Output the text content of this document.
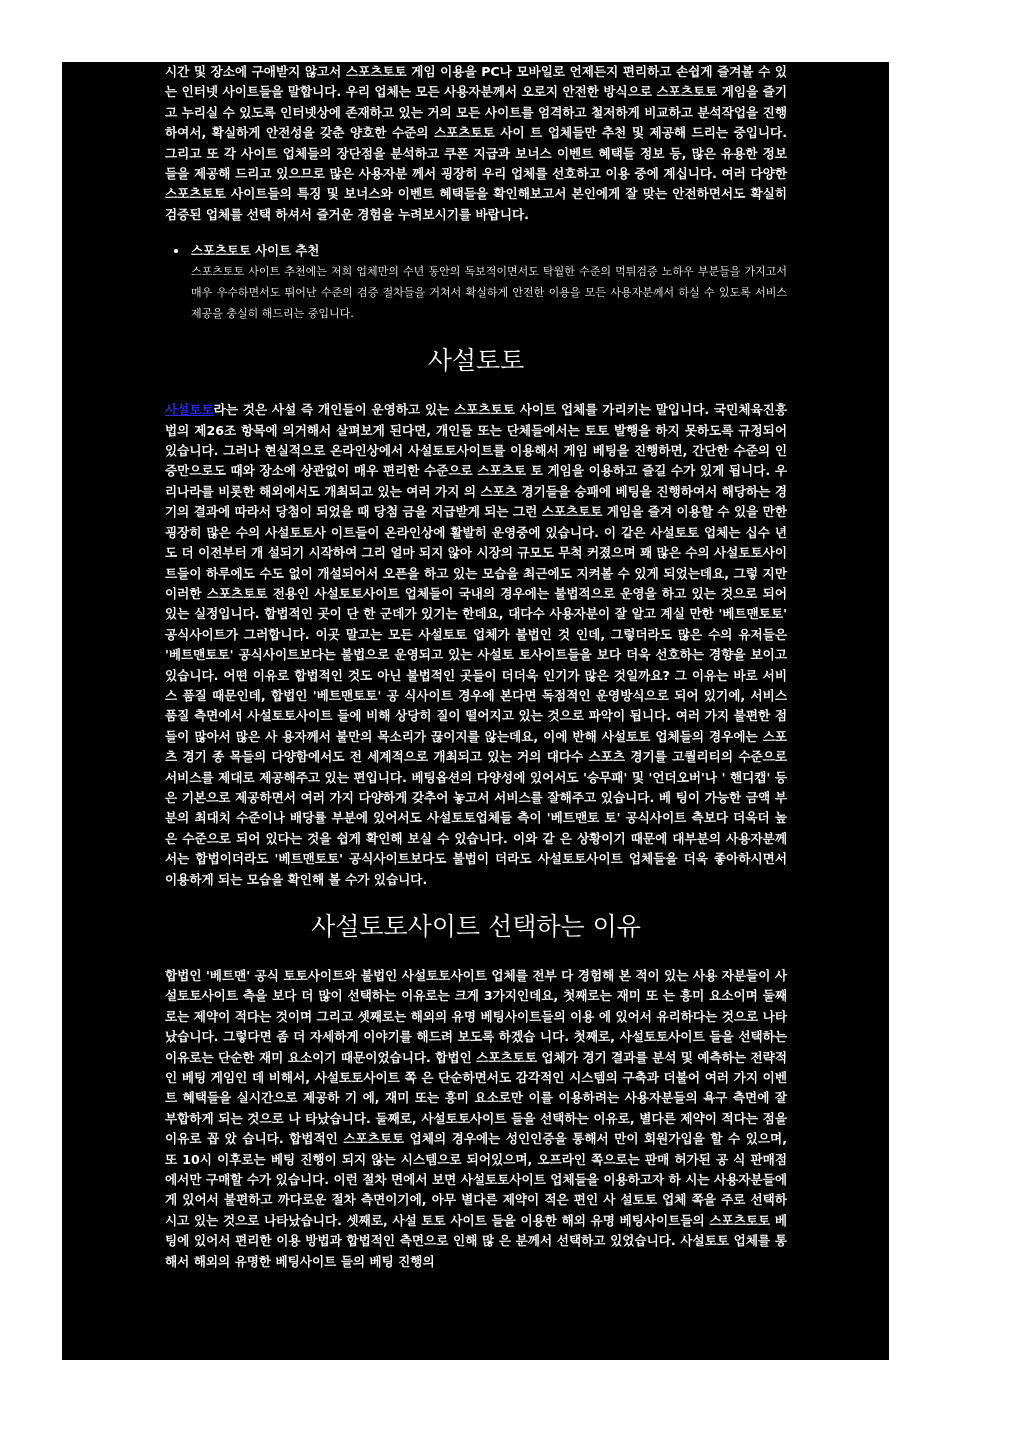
시간 및 장소에 구애받지 않고서 스포츠토토 게임 이용을 PC나 모바일로 언제든지 편리하고 손쉽게 즐겨볼 수 있는 인터넷 사이트들을 말합니다. 우리 업체는 모든 사용자분께서 오로지 안전한 방식으로 스포츠토토 게임을 즐기고 누리실 수 있도록 인터넷상에 존재하고 있는 거의 모든 사이트를 엄격하고 철저하게 비교하고 분석작업을 진행하여서, 확실하게 안전성을 갖춘 양호한 수준의 스포츠토토 사이 트 업체들만 추천 및 제공해 드리는 중입니다. 그리고 또 각 사이트 업체들의 장단점을 분석하고 쿠폰 지급과 보너스 이벤트 혜택들 정보 등, 많은 유용한 정보들을 제공해 드리고 있으므로 많은 사용자분 께서 굉장히 우리 업체를 선호하고 이용 중에 계십니다. 여러 다양한 스포츠토토 사이트들의 특징 및 보너스와 이벤트 혜택들을 확인해보고서 본인에게 잘 맞는 안전하면서도 확실히 검증된 업체를 선택 하셔서 즐거운 경험을 누려보시기를 바랍니다.

스포츠토토 사이트 추천
스포츠토토 사이트 추천에는 저희 업체만의 수년 동안의 독보적이면서도 탁월한 수준의 먹튀검증 노하우 부분들을 가지고서 매우 우수하면서도 뛰어난 수준의 검증 절차들을 거쳐서 확실하게 안전한 이용을 모든 사용자분께서 하실 수 있도록 서비스 제공을 충실히 해드리는 중입니다.
사설토토

사설토토라는 것은 사설 즉 개인들이 운영하고 있는 스포츠토토 사이트 업체를 가리키는 말입니다. 국민체육진흥법의 제26조 항목에 의거해서 살펴보게 된다면, 개인들 또는 단체들에서는 토토 발행을 하지 못하도록 규정되어 있습니다. 그러나 현실적으로 온라인상에서 사설토토사이트를 이용해서 게임 베팅을 진행하면, 간단한 수준의 인증만으로도 때와 장소에 상관없이 매우 편리한 수준으로 스포츠토 토 게임을 이용하고 즐길 수가 있게 됩니다. 우리나라를 비롯한 해외에서도 개최되고 있는 여러 가지 의 스포츠 경기들을 승패에 베팅을 진행하여서 해당하는 경기의 결과에 따라서 당첨이 되었을 때 당첨 금을 지급받게 되는 그런 스포츠토토 게임을 즐겨 이용할 수 있을 만한 굉장히 많은 수의 사설토토사 이트들이 온라인상에 활발히 운영중에 있습니다. 이 같은 사설토토 업체는 십수 년도 더 이전부터 개 설되기 시작하여 그리 얼마 되지 않아 시장의 규모도 무척 커졌으며 꽤 많은 수의 사설토토사이트들이 하루에도 수도 없이 개설되어서 오픈을 하고 있는 모습을 최근에도 지켜볼 수 있게 되었는데요, 그렇 지만 이러한 스포츠토토 전용인 사설토토사이트 업체들이 국내의 경우에는 불법적으로 운영을 하고 있는 것으로 되어있는 실정입니다. 합법적인 곳이 단 한 군데가 있기는 한데요, 대다수 사용자분이 잘 알고 계실 만한 '베트맨토토' 공식사이트가 그러합니다. 이곳 말고는 모든 사설토토 업체가 불법인 것 인데, 그렇더라도 많은 수의 유저들은 '베트맨토토' 공식사이트보다는 불법으로 운영되고 있는 사설토 토사이트들을 보다 더욱 선호하는 경향을 보이고 있습니다. 어떤 이유로 합법적인 것도 아닌 불법적인 곳들이 더더욱 인기가 많은 것일까요? 그 이유는 바로 서비스 품질 때문인데, 합법인 '베트맨토토' 공 식사이트 경우에 본다면 독점적인 운영방식으로 되어 있기에, 서비스 품질 측면에서 사설토토사이트 들에 비해 상당히 질이 떨어지고 있는 것으로 파악이 됩니다. 여러 가지 불편한 점들이 많아서 많은 사 용자께서 불만의 목소리가 끊이지를 않는데요, 이에 반해 사설토토 업체들의 경우에는 스포츠 경기 종 목들의 다양함에서도 전 세계적으로 개최되고 있는 거의 대다수 스포츠 경기를 고퀄리티의 수준으로 서비스를 제대로 제공해주고 있는 편입니다. 베팅옵션의 다양성에 있어서도 '승무패' 및 '언더오버'나 ' 핸디캡' 등은 기본으로 제공하면서 여러 가지 다양하게 갖추어 놓고서 서비스를 잘해주고 있습니다. 베 팅이 가능한 금액 부분의 최대치 수준이나 배당률 부분에 있어서도 사설토토업체들 측이 '베트맨토 토' 공식사이트 측보다 더욱더 높은 수준으로 되어 있다는 것을 쉽게 확인해 보실 수 있습니다. 이와 같 은 상황이기 때문에 대부분의 사용자분께서는 합법이더라도 '베트맨토토' 공식사이트보다도 불법이 더라도 사설토토사이트 업체들을 더욱 좋아하시면서 이용하게 되는 모습을 확인해 볼 수가 있습니다.

사설토토사이트 선택하는 이유

합법인 '베트맨' 공식 토토사이트와 불법인 사설토토사이트 업체를 전부 다 경험해 본 적이 있는 사용 자분들이 사설토토사이트 측을 보다 더 많이 선택하는 이유로는 크게 3가지인데요, 첫째로는 재미 또 는 흥미 요소이며 둘째로는 제약이 적다는 것이며 그리고 셋째로는 해외의 유명 베팅사이트들의 이용 에 있어서 유리하다는 것으로 나타났습니다. 그렇다면 좀 더 자세하게 이야기를 해드려 보도록 하겠습 니다. 첫째로, 사설토토사이트 들을 선택하는 이유로는 단순한 재미 요소이기 때문이었습니다. 합법인 스포츠토토 업체가 경기 결과를 분석 및 예측하는 전략적인 베팅 게임인 데 비해서, 사설토토사이트 쪽 은 단순하면서도 감각적인 시스템의 구축과 더불어 여러 가지 이벤트 혜택들을 실시간으로 제공하 기 에, 재미 또는 흥미 요소로만 이를 이용하려는 사용자분들의 욕구 측면에 잘 부합하게 되는 것으로 나 타났습니다. 둘째로, 사설토토사이트 들을 선택하는 이유로, 별다른 제약이 적다는 점을 이유로 꼽 았 습니다. 합법적인 스포츠토토 업체의 경우에는 성인인증을 통해서 만이 회원가입을 할 수 있으며, 또 10시 이후로는 베팅 진행이 되지 않는 시스템으로 되어있으며, 오프라인 쪽으로는 판매 허가된 공 식 판매점에서만 구매할 수가 있습니다. 이런 절차 면에서 보면 사설토토사이트 업체들을 이용하고자 하 시는 사용자분들에게 있어서 불편하고 까다로운 절차 측면이기에, 아무 별다른 제약이 적은 편인 사 설토토 업체 쪽을 주로 선택하시고 있는 것으로 나타났습니다. 셋째로, 사설 토토 사이트 들을 이용한 해외 유명 베팅사이트들의 스포츠토토 베팅에 있어서 편리한 이용 방법과 합법적인 측면으로 인해 많 은 분께서 선택하고 있었습니다. 사설토토 업체를 통해서 해외의 유명한 베팅사이트 들의 베팅 진행의
